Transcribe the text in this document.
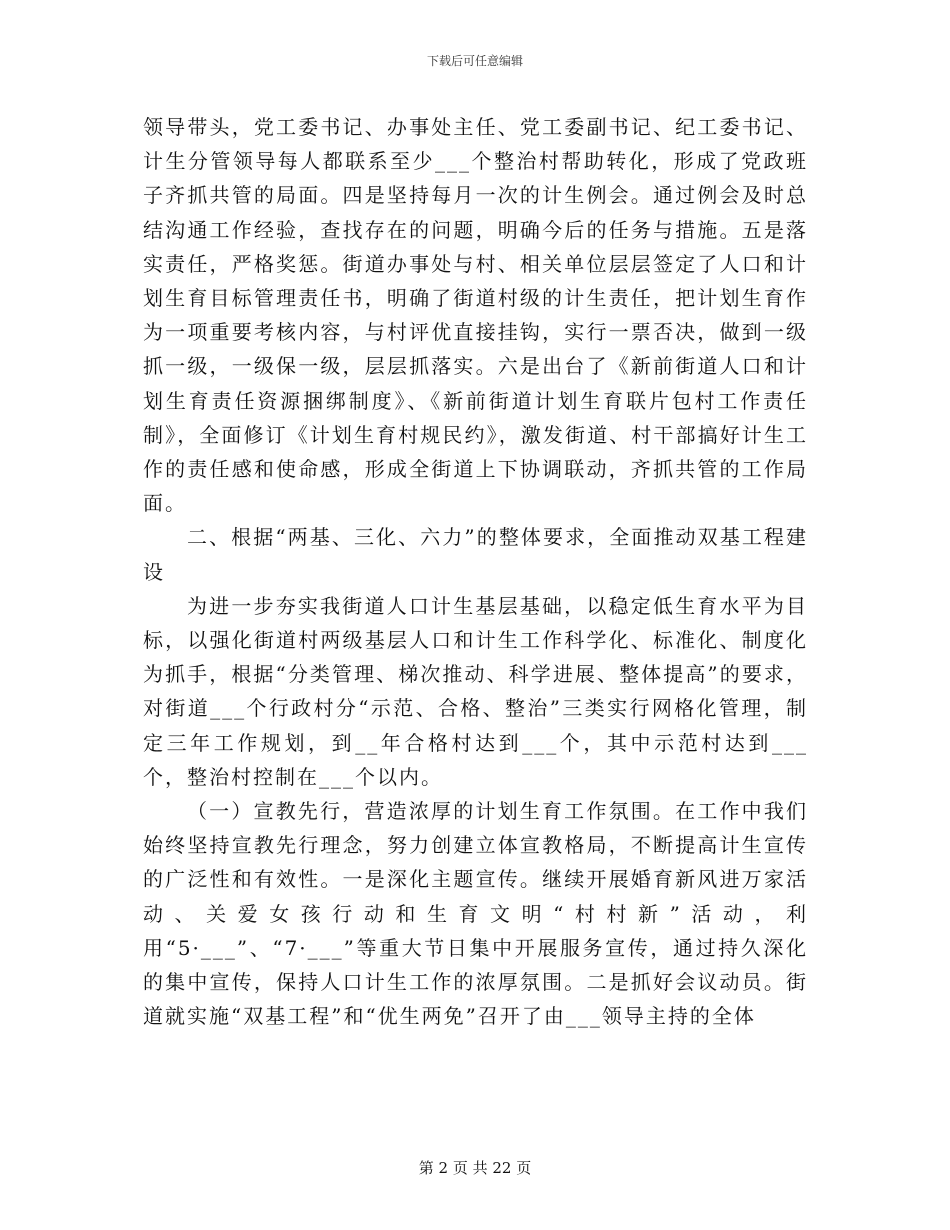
下载后可任意编辑

领导带头，党工委书记、办事处主任、党工委副书记、纪工委书记、计生分管领导每人都联系至少___个整治村帮助转化，形成了党政班子齐抓共管的局面。四是坚持每月一次的计生例会。通过例会及时总结沟通工作经验，查找存在的问题，明确今后的任务与措施。五是落实责任，严格奖惩。街道办事处与村、相关单位层层签定了人口和计划生育目标管理责任书，明确了街道村级的计生责任，把计划生育作为一项重要考核内容，与村评优直接挂钩，实行一票否决，做到一级抓一级，一级保一级，层层抓落实。六是出台了《新前街道人口和计划生育责任资源捆绑制度》、《新前街道计划生育联片包村工作责任制》，全面修订《计划生育村规民约》，激发街道、村干部搞好计生工作的责任感和使命感，形成全街道上下协调联动，齐抓共管的工作局面。

二、根据“两基、三化、六力”的整体要求，全面推动双基工程建设

为进一步夯实我街道人口计生基层基础，以稳定低生育水平为目标，以强化街道村两级基层人口和计生工作科学化、标准化、制度化为抓手，根据“分类管理、梯次推动、科学进展、整体提高”的要求，对街道___个行政村分“示范、合格、整治”三类实行网格化管理，制定三年工作规划，到__年合格村达到___个，其中示范村达到___个，整治村控制在___个以内。

（一）宣教先行，营造浓厚的计划生育工作氛围。在工作中我们始终坚持宣教先行理念，努力创建立体宣教格局，不断提高计生宣传的广泛性和有效性。一是深化主题宣传。继续开展婚育新风进万家活动、关爱女孩行动和生育文明“村村新”活动，利用“5·___”、“7·___”等重大节日集中开展服务宣传，通过持久深化的集中宣传，保持人口计生工作的浓厚氛围。二是抓好会议动员。街道就实施“双基工程”和“优生两免”召开了由___领导主持的全体

第 2 页 共 22 页
